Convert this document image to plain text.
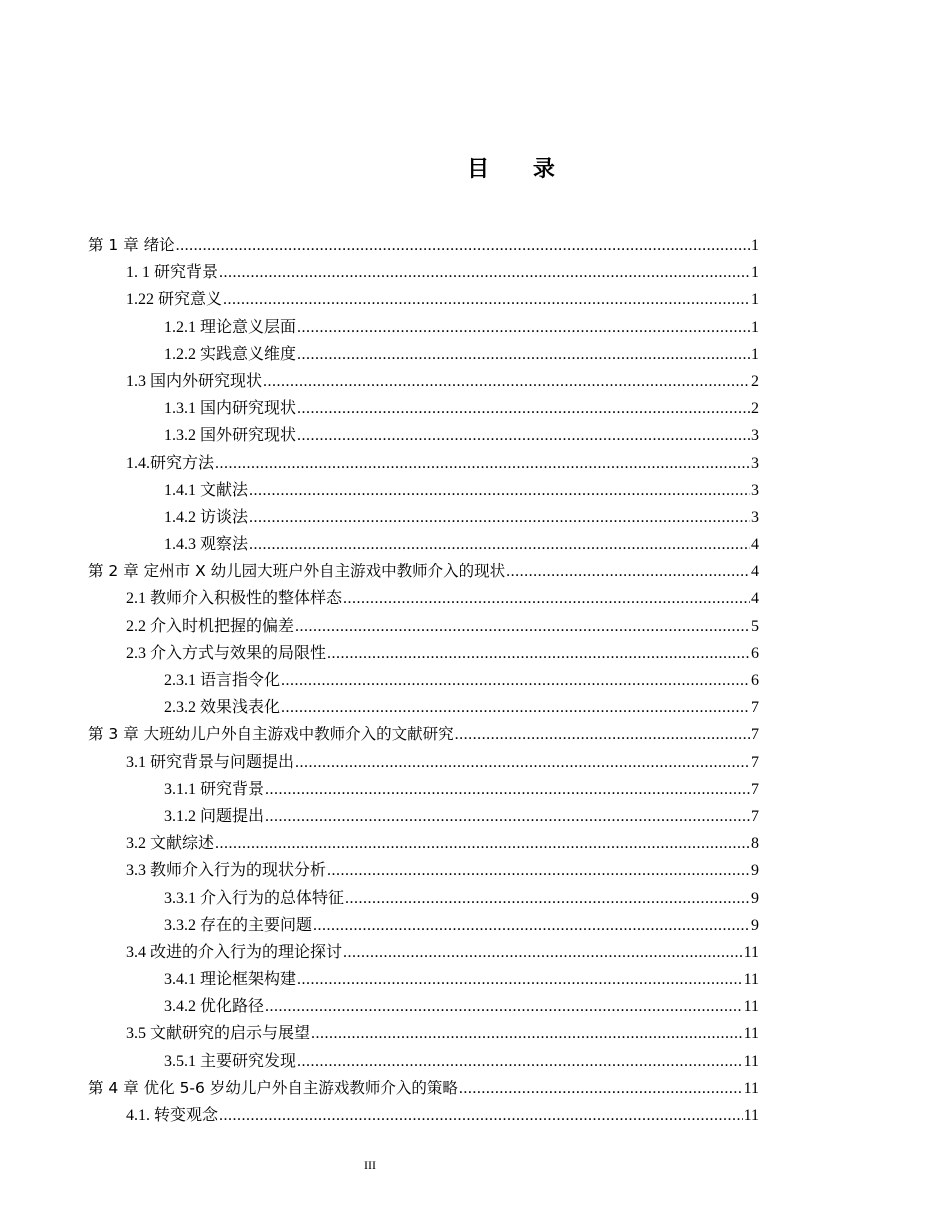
目 录
第 1 章 绪论 .....	1
1. 1 研究背景 .....	1
1.22 研究意义 .....	1
1.2.1 理论意义层面 .....	1
1.2.2 实践意义维度 .....	1
1.3 国内外研究现状 .....	2
1.3.1 国内研究现状 .....	2
1.3.2 国外研究现状 .....	3
1.4.研究方法 .....	3
1.4.1 文献法 .....	3
1.4.2 访谈法 .....	3
1.4.3 观察法 .....	4
第 2 章 定州市 X 幼儿园大班户外自主游戏中教师介入的现状 .....	4
2.1 教师介入积极性的整体样态 .....	4
2.2 介入时机把握的偏差 .....	5
2.3 介入方式与效果的局限性 .....	6
2.3.1 语言指令化 .....	6
2.3.2 效果浅表化 .....	7
第 3 章 大班幼儿户外自主游戏中教师介入的文献研究 .....	7
3.1 研究背景与问题提出 .....	7
3.1.1 研究背景 .....	7
3.1.2 问题提出 .....	7
3.2 文献综述 .....	8
3.3 教师介入行为的现状分析 .....	9
3.3.1 介入行为的总体特征 .....	9
3.3.2 存在的主要问题 .....	9
3.4 改进的介入行为的理论探讨 .....	11
3.4.1 理论框架构建 .....	11
3.4.2 优化路径 .....	11
3.5 文献研究的启示与展望 .....	11
3.5.1 主要研究发现 .....	11
第 4 章 优化 5-6 岁幼儿户外自主游戏教师介入的策略 .....	11
4.1. 转变观念 .....	11
III
